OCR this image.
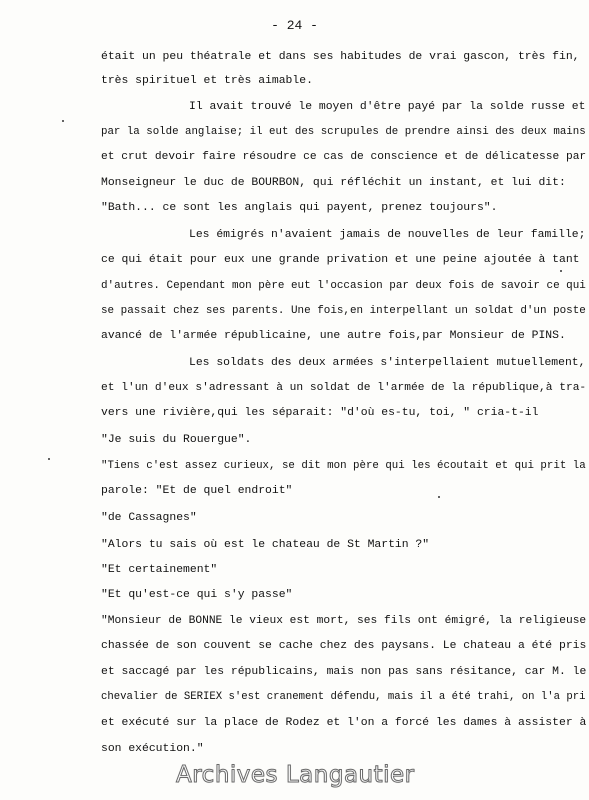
- 24 -
était un peu théatrale et dans ses habitudes de vrai gascon, très fin,
très spirituel et très aimable.
Il avait trouvé le moyen d'être payé par la solde russe et
par la solde anglaise; il eut des scrupules de prendre ainsi des deux mains
et crut devoir faire résoudre ce cas de conscience et de délicatesse par
Monseigneur le duc de BOURBON, qui réfléchit un instant, et lui dit:
"Bath... ce sont les anglais qui payent, prenez toujours".
Les émigrés n'avaient jamais de nouvelles de leur famille;
ce qui était pour eux une grande privation et une peine ajoutée à tant
d'autres. Cependant mon père eut l'occasion par deux fois de savoir ce qui
se passait chez ses parents. Une fois,en interpellant un soldat d'un poste
avancé de l'armée républicaine, une autre fois,par Monsieur de PINS.
Les soldats des deux armées s'interpellaient mutuellement,
et l'un d'eux s'adressant à un soldat de l'armée de la république,à tra-
vers une rivière,qui les séparait: "d'où es-tu, toi, " cria-t-il
"Je suis du Rouergue".
"Tiens c'est assez curieux, se dit mon père qui les écoutait et qui prit la
parole: "Et de quel endroit"
"de Cassagnes"
"Alors tu sais où est le chateau de St Martin ?"
"Et certainement"
"Et qu'est-ce qui s'y passe"
"Monsieur de BONNE le vieux est mort, ses fils ont émigré, la religieuse
chassée de son couvent se cache chez des paysans. Le chateau a été pris
et saccagé par les républicains, mais non pas sans résitance, car M. le
chevalier de SERIEX s'est cranement défendu, mais il a été trahi, on l'a pri
et exécuté sur la place de Rodez et l'on a forcé les dames à assister à
son exécution."
Archives Langautier
